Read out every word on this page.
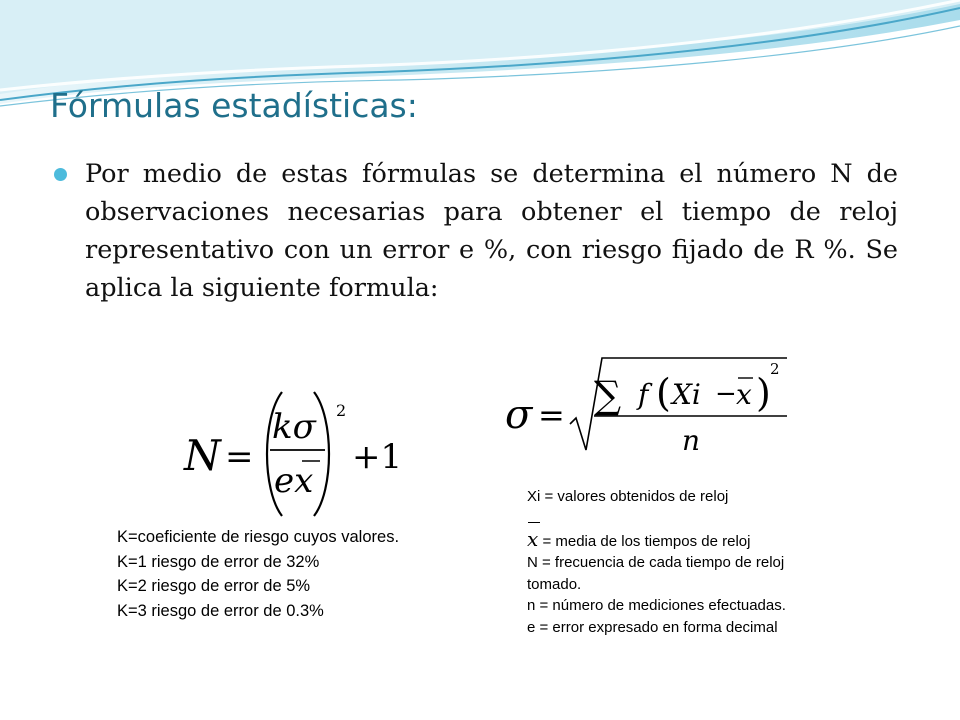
Fórmulas estadísticas:

Por medio de estas fórmulas se determina el número N de observaciones necesarias para obtener el tiempo de reloj representativo con un error e %, con riesgo fijado de R %. Se aplica la siguiente formula:

N =
kσ
ex
2
+1
σ = ∑ f ( Xi − x )
2
n
K=coeficiente de riesgo cuyos valores.
K=1 riesgo de error de 32%
K=2 riesgo de error de 5%
K=3 riesgo de error de 0.3%
Xi = valores obtenidos de reloj
x = media de los tiempos de reloj
N = frecuencia de cada tiempo de reloj
tomado.
n = número de mediciones efectuadas.
e = error expresado en forma decimal
